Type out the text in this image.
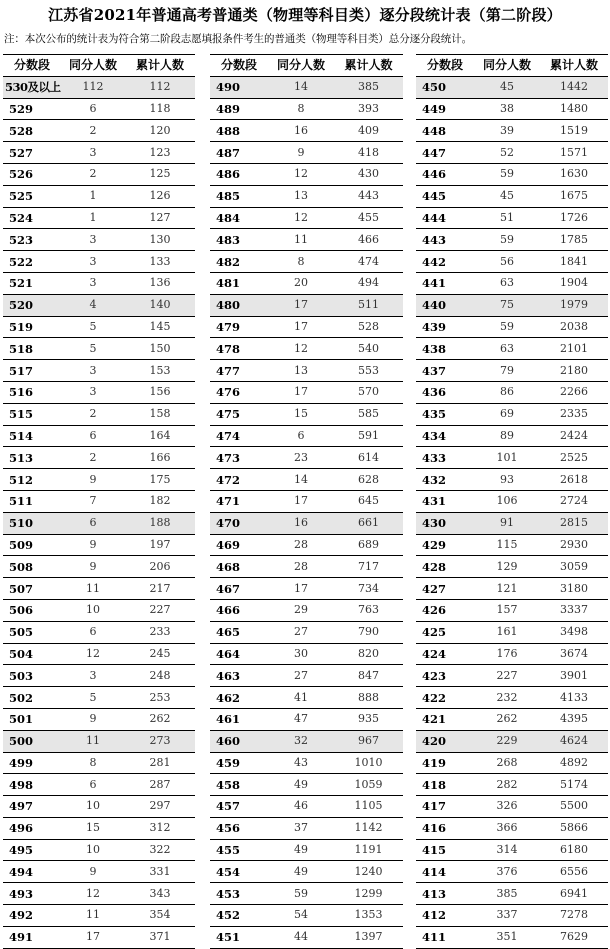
江苏省2021年普通高考普通类（物理等科目类）逐分段统计表（第二阶段）
注：本次公布的统计表为符合第二阶段志愿填报条件考生的普通类（物理等科目类）总分逐分段统计。
分数段	同分人数	累计人数
530及以上	112	112
529	6	118
528	2	120
527	3	123
526	2	125
525	1	126
524	1	127
523	3	130
522	3	133
521	3	136
520	4	140
519	5	145
518	5	150
517	3	153
516	3	156
515	2	158
514	6	164
513	2	166
512	9	175
511	7	182
510	6	188
509	9	197
508	9	206
507	11	217
506	10	227
505	6	233
504	12	245
503	3	248
502	5	253
501	9	262
500	11	273
499	8	281
498	6	287
497	10	297
496	15	312
495	10	322
494	9	331
493	12	343
492	11	354
491	17	371
分数段	同分人数	累计人数
490	14	385
489	8	393
488	16	409
487	9	418
486	12	430
485	13	443
484	12	455
483	11	466
482	8	474
481	20	494
480	17	511
479	17	528
478	12	540
477	13	553
476	17	570
475	15	585
474	6	591
473	23	614
472	14	628
471	17	645
470	16	661
469	28	689
468	28	717
467	17	734
466	29	763
465	27	790
464	30	820
463	27	847
462	41	888
461	47	935
460	32	967
459	43	1010
458	49	1059
457	46	1105
456	37	1142
455	49	1191
454	49	1240
453	59	1299
452	54	1353
451	44	1397
分数段	同分人数	累计人数
450	45	1442
449	38	1480
448	39	1519
447	52	1571
446	59	1630
445	45	1675
444	51	1726
443	59	1785
442	56	1841
441	63	1904
440	75	1979
439	59	2038
438	63	2101
437	79	2180
436	86	2266
435	69	2335
434	89	2424
433	101	2525
432	93	2618
431	106	2724
430	91	2815
429	115	2930
428	129	3059
427	121	3180
426	157	3337
425	161	3498
424	176	3674
423	227	3901
422	232	4133
421	262	4395
420	229	4624
419	268	4892
418	282	5174
417	326	5500
416	366	5866
415	314	6180
414	376	6556
413	385	6941
412	337	7278
411	351	7629
